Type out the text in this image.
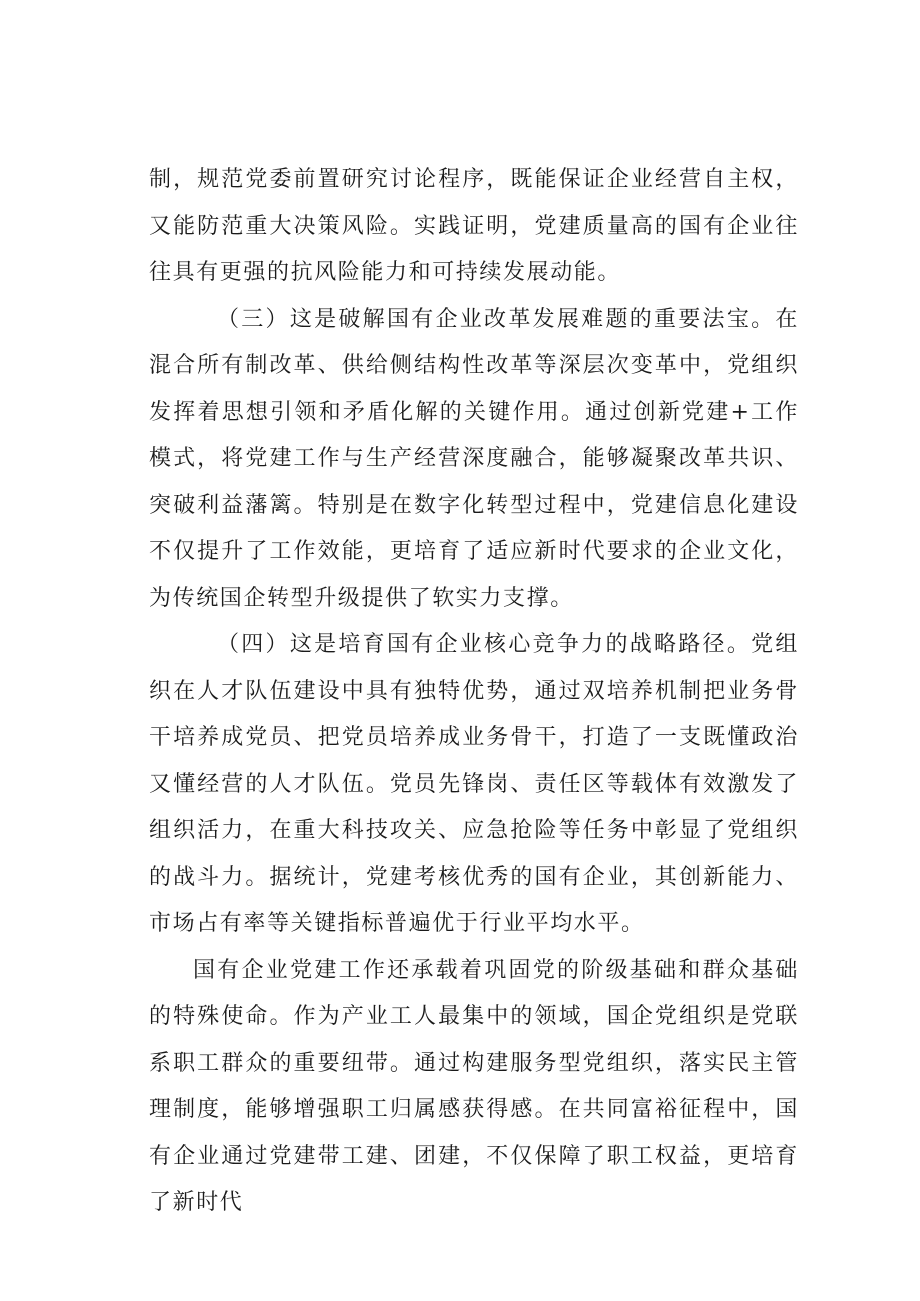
制，规范党委前置研究讨论程序，既能保证企业经营自主权，又能防范重大决策风险。实践证明，党建质量高的国有企业往往具有更强的抗风险能力和可持续发展动能。

（三）这是破解国有企业改革发展难题的重要法宝。在混合所有制改革、供给侧结构性改革等深层次变革中，党组织发挥着思想引领和矛盾化解的关键作用。通过创新党建+工作模式，将党建工作与生产经营深度融合，能够凝聚改革共识、突破利益藩篱。特别是在数字化转型过程中，党建信息化建设不仅提升了工作效能，更培育了适应新时代要求的企业文化，为传统国企转型升级提供了软实力支撑。

（四）这是培育国有企业核心竞争力的战略路径。党组织在人才队伍建设中具有独特优势，通过双培养机制把业务骨干培养成党员、把党员培养成业务骨干，打造了一支既懂政治又懂经营的人才队伍。党员先锋岗、责任区等载体有效激发了组织活力，在重大科技攻关、应急抢险等任务中彰显了党组织的战斗力。据统计，党建考核优秀的国有企业，其创新能力、市场占有率等关键指标普遍优于行业平均水平。

国有企业党建工作还承载着巩固党的阶级基础和群众基础的特殊使命。作为产业工人最集中的领域，国企党组织是党联系职工群众的重要纽带。通过构建服务型党组织，落实民主管理制度，能够增强职工归属感获得感。在共同富裕征程中，国有企业通过党建带工建、团建，不仅保障了职工权益，更培育了新时代
